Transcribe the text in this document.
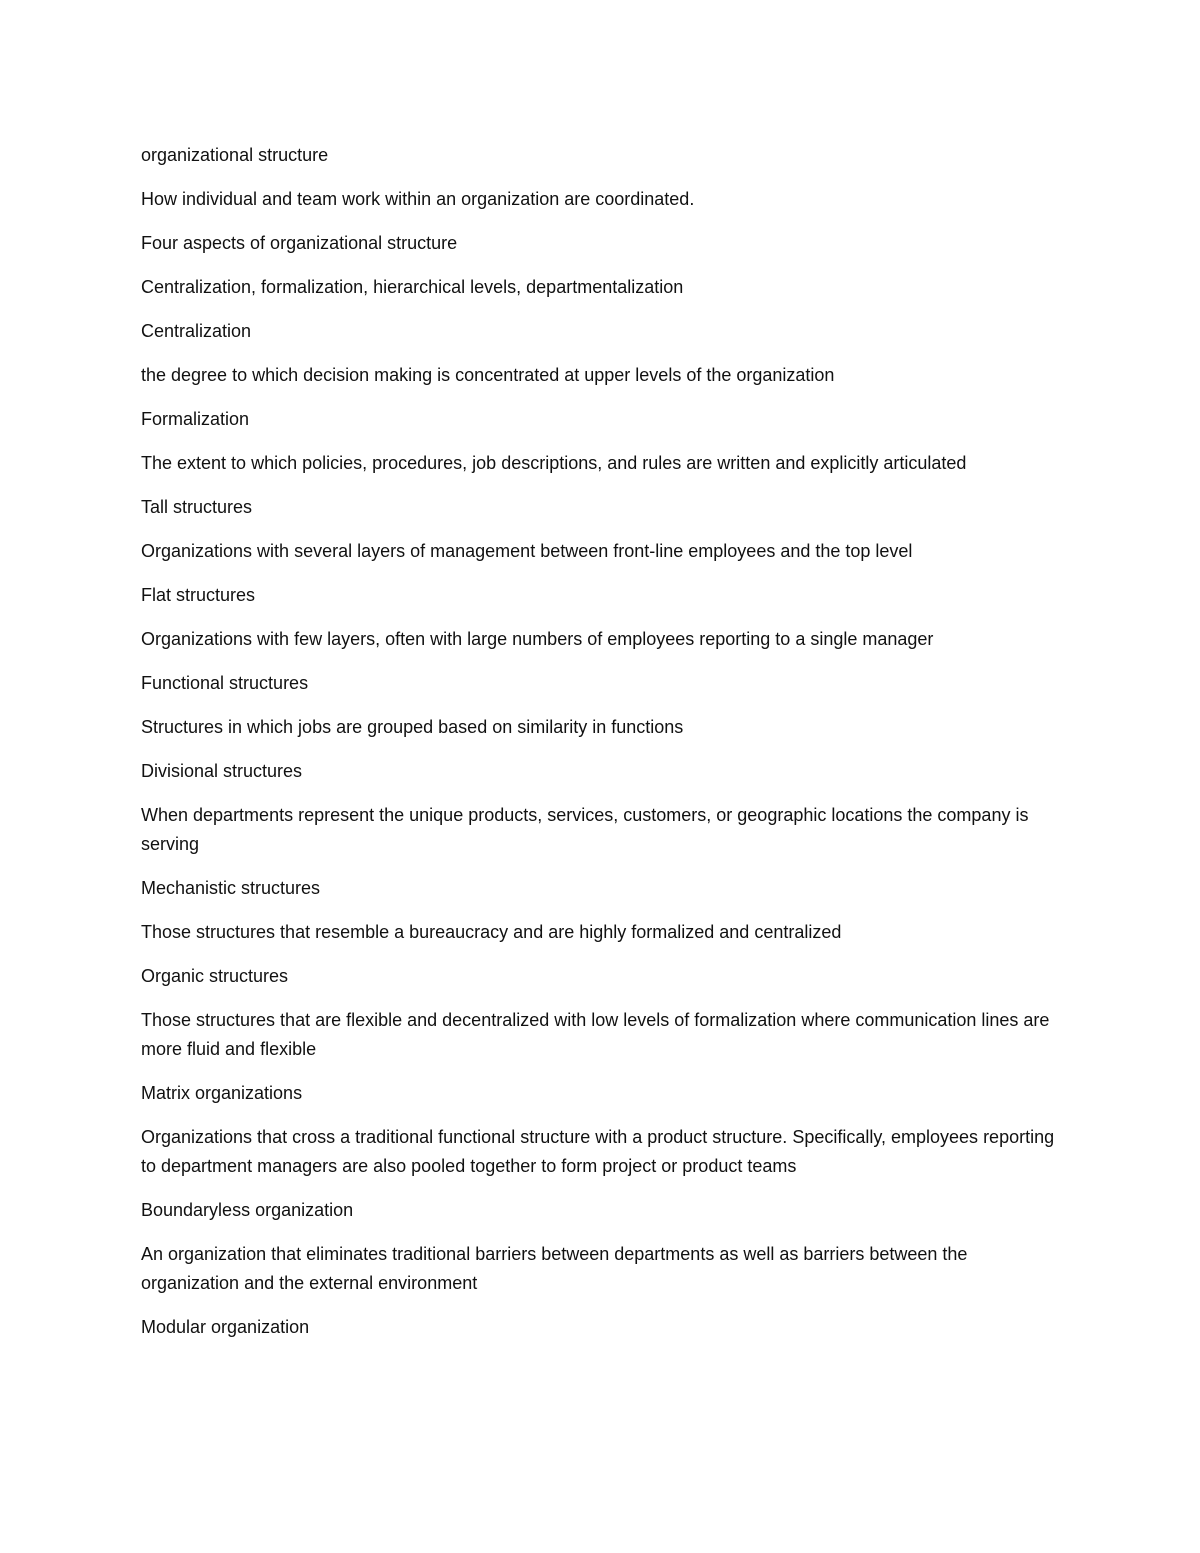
organizational structure

How individual and team work within an organization are coordinated.

Four aspects of organizational structure

Centralization, formalization, hierarchical levels, departmentalization

Centralization

the degree to which decision making is concentrated at upper levels of the organization

Formalization

The extent to which policies, procedures, job descriptions, and rules are written and explicitly articulated

Tall structures

Organizations with several layers of management between front-line employees and the top level

Flat structures

Organizations with few layers, often with large numbers of employees reporting to a single manager

Functional structures

Structures in which jobs are grouped based on similarity in functions

Divisional structures

When departments represent the unique products, services, customers, or geographic locations the company is serving

Mechanistic structures

Those structures that resemble a bureaucracy and are highly formalized and centralized

Organic structures

Those structures that are flexible and decentralized with low levels of formalization where communication lines are more fluid and flexible

Matrix organizations

Organizations that cross a traditional functional structure with a product structure. Specifically, employees reporting to department managers are also pooled together to form project or product teams

Boundaryless organization

An organization that eliminates traditional barriers between departments as well as barriers between the organization and the external environment

Modular organization
